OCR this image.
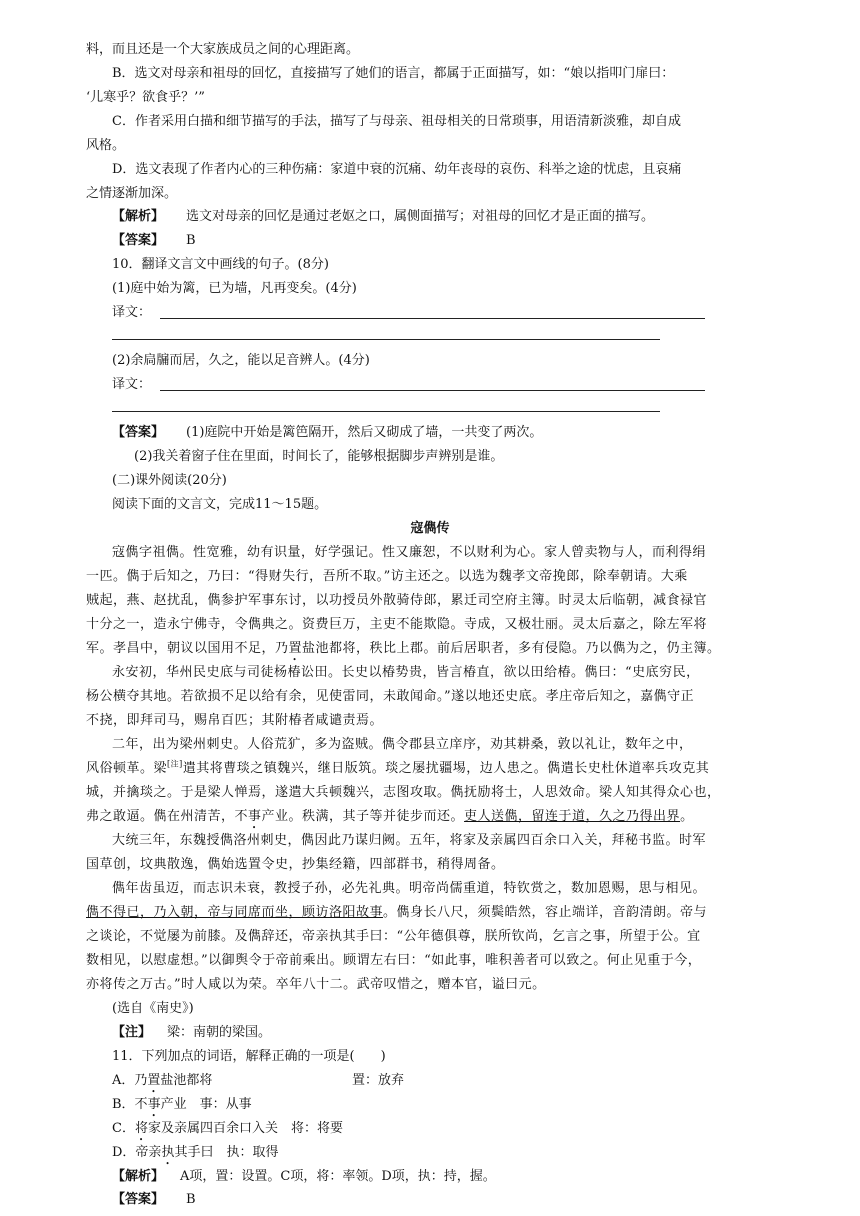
料，而且还是一个大家族成员之间的心理距离。
B．选文对母亲和祖母的回忆，直接描写了她们的语言，都属于正面描写，如：“娘以指叩门扉曰：
‘儿寒乎？欲食乎？’”
C．作者采用白描和细节描写的手法，描写了与母亲、祖母相关的日常琐事，用语清新淡雅，却自成
风格。
D．选文表现了作者内心的三种伤痛：家道中衰的沉痛、幼年丧母的哀伤、科举之途的忧虑，且哀痛
之情逐渐加深。
【解析】 选文对母亲的回忆是通过老妪之口，属侧面描写；对祖母的回忆才是正面的描写。
【答案】 B
10．翻译文言文中画线的句子。(8分)
(1)庭中始为篱，已为墙，凡再变矣。(4分)
译文：
(2)余扃牖而居，久之，能以足音辨人。(4分)
译文：
【答案】 (1)庭院中开始是篱笆隔开，然后又砌成了墙，一共变了两次。
(2)我关着窗子住在里面，时间长了，能够根据脚步声辨别是谁。
(二)课外阅读(20分)
阅读下面的文言文，完成11～15题。
寇儁传
寇儁字祖儁。性宽雅，幼有识量，好学强记。性又廉恕，不以财利为心。家人曾卖物与人，而利得绢
一匹。儁于后知之，乃曰：“得财失行，吾所不取。”访主还之。以选为魏孝文帝挽郎，除奉朝请。大乘
贼起，燕、赵扰乱，儁参护军事东讨，以功授员外散骑侍郎，累迁司空府主簿。时灵太后临朝，减食禄官
十分之一，造永宁佛寺，令儁典之。资费巨万，主吏不能欺隐。寺成，又极壮丽。灵太后嘉之，除左军将
军。孝昌中，朝议以国用不足，乃置盐池都将，秩比上郡。前后居职者，多有侵隐。乃以儁为之，仍主簿。
永安初，华州民史底与司徒杨椿讼田。长史以椿势贵，皆言椿直，欲以田给椿。儁曰：“史底穷民，
杨公横夺其地。若欲损不足以给有余，见使雷同，未敢闻命。”遂以地还史底。孝庄帝后知之，嘉儁守正
不挠，即拜司马，赐帛百匹；其附椿者咸谴责焉。
二年，出为梁州刺史。人俗荒犷，多为盗贼。儁令郡县立庠序，劝其耕桑，敦以礼让，数年之中，
风俗顿革。梁[注]遣其将曹琰之镇魏兴，继日版筑。琰之屡扰疆埸，边人患之。儁遣长史杜休道率兵攻克其
城，并擒琰之。于是梁人惮焉，遂遣大兵顿魏兴，志图攻取。儁抚励将士，人思效命。梁人知其得众心也，
弗之敢逼。儁在州清苦，不事产业。秩满，其子等并徒步而还。吏人送儁，留连于道，久之乃得出界。
大统三年，东魏授儁洛州刺史，儁因此乃谋归阙。五年，将家及亲属四百余口入关，拜秘书监。时军
国草创，坟典散逸，儁始选置令史，抄集经籍，四部群书，稍得周备。
儁年齿虽迈，而志识未衰，教授子孙，必先礼典。明帝尚儒重道，特钦赏之，数加恩赐，思与相见。
儁不得已，乃入朝，帝与同席而坐，顾访洛阳故事。儁身长八尺，须鬓皓然，容止端详，音韵清朗。帝与
之谈论，不觉屡为前膝。及儁辞还，帝亲执其手曰：“公年德俱尊，朕所钦尚，乞言之事，所望于公。宜
数相见，以慰虚想。”以御舆令于帝前乘出。顾谓左右曰：“如此事，唯积善者可以致之。何止见重于今，
亦将传之万古。”时人咸以为荣。卒年八十二。武帝叹惜之，赠本官，谥曰元。
(选自《南史》)
【注】 梁：南朝的梁国。
11．下列加点的词语，解释正确的一项是(　　)
A．乃置盐池都将	置：放弃
B．不事产业　事：从事
C．将家及亲属四百余口入关　将：将要
D．帝亲执其手曰　执：取得
【解析】 A项，置：设置。C项，将：率领。D项，执：持，握。
【答案】 B
